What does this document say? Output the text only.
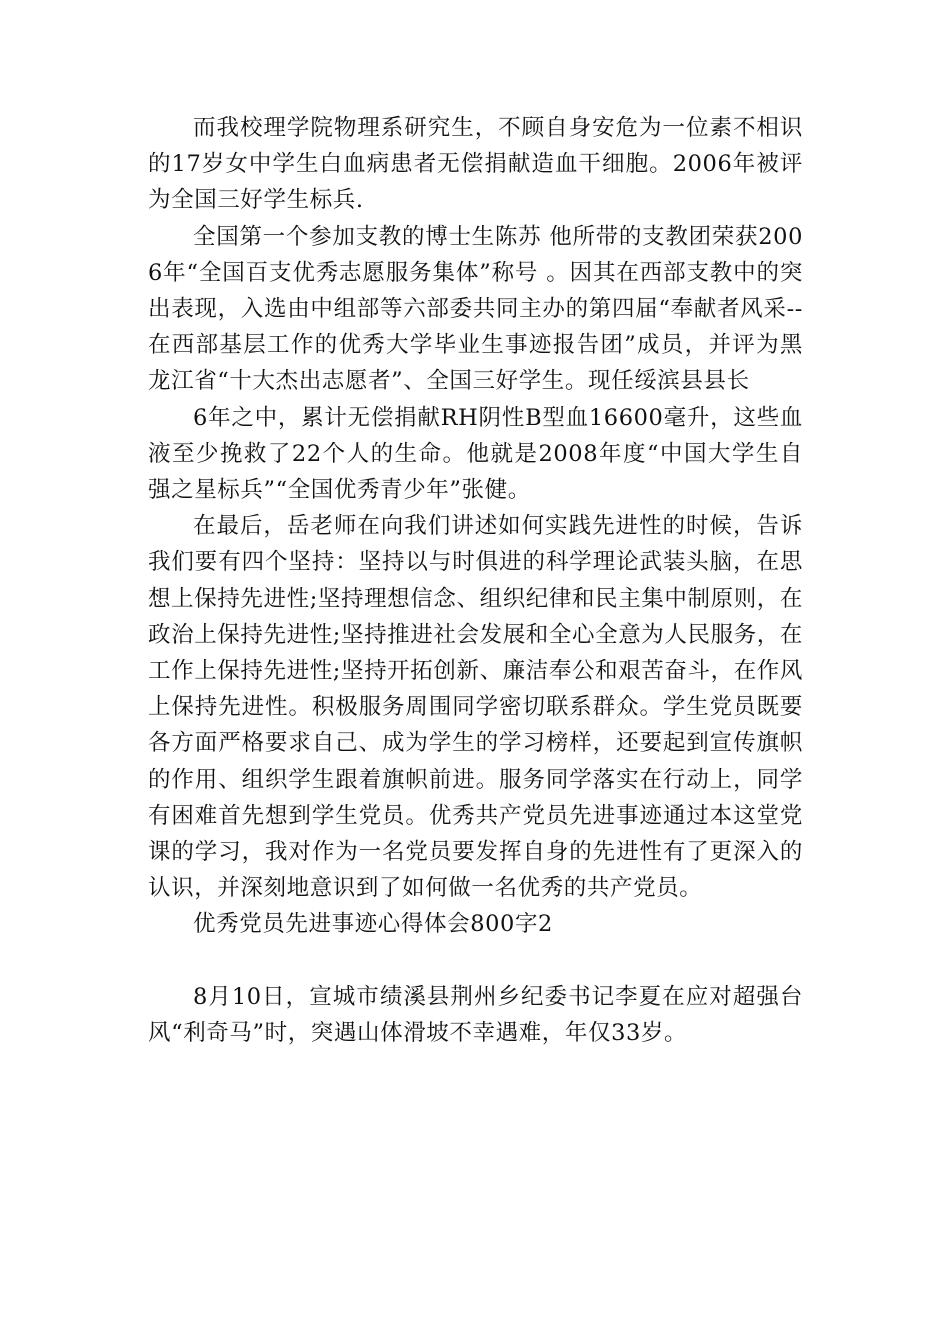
而我校理学院物理系研究生，不顾自身安危为一位素不相识的17岁女中学生白血病患者无偿捐献造血干细胞。2006年被评为全国三好学生标兵.

全国第一个参加支教的博士生陈苏 他所带的支教团荣获2006年“全国百支优秀志愿服务集体”称号 。因其在西部支教中的突出表现，入选由中组部等六部委共同主办的第四届“奉献者风采--在西部基层工作的优秀大学毕业生事迹报告团”成员，并评为黑龙江省“十大杰出志愿者”、全国三好学生。现任绥滨县县长

6年之中，累计无偿捐献RH阴性B型血16600毫升，这些血液至少挽救了22个人的生命。他就是2008年度“中国大学生自强之星标兵”“全国优秀青少年”张健。

在最后，岳老师在向我们讲述如何实践先进性的时候，告诉我们要有四个坚持：坚持以与时俱进的科学理论武装头脑，在思想上保持先进性;坚持理想信念、组织纪律和民主集中制原则，在政治上保持先进性;坚持推进社会发展和全心全意为人民服务，在工作上保持先进性;坚持开拓创新、廉洁奉公和艰苦奋斗，在作风上保持先进性。积极服务周围同学密切联系群众。学生党员既要各方面严格要求自己、成为学生的学习榜样，还要起到宣传旗帜的作用、组织学生跟着旗帜前进。服务同学落实在行动上，同学有困难首先想到学生党员。优秀共产党员先进事迹通过本这堂党课的学习，我对作为一名党员要发挥自身的先进性有了更深入的认识，并深刻地意识到了如何做一名优秀的共产党员。

优秀党员先进事迹心得体会800字2

8月10日，宣城市绩溪县荆州乡纪委书记李夏在应对超强台风“利奇马”时，突遇山体滑坡不幸遇难，年仅33岁。
